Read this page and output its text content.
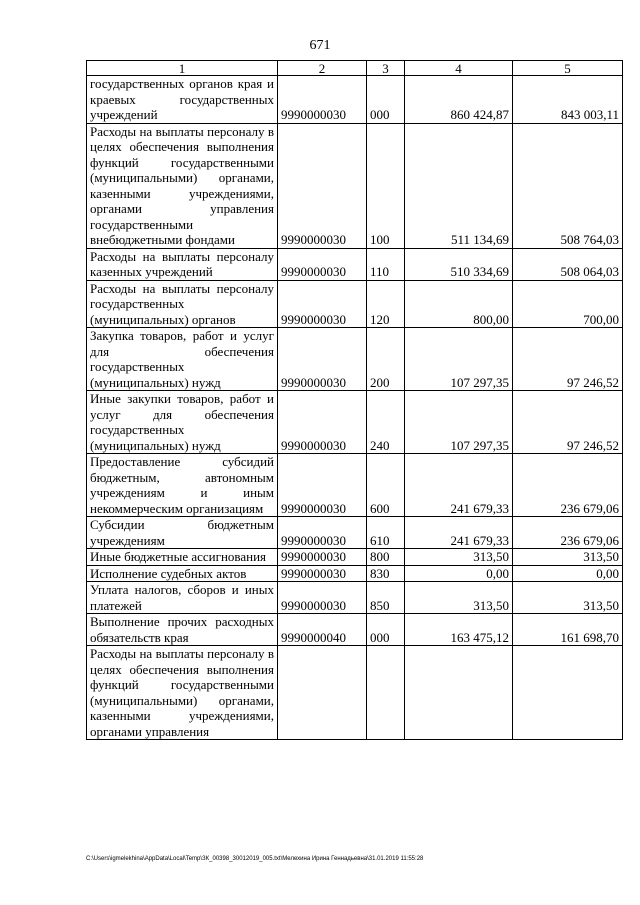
671
1	2	3	4	5
государственных органов края и краевых государственных учреждений	9990000030	000	860 424,87	843 003,11
Расходы на выплаты персоналу в целях обеспечения выполнения функций государственными (муниципальными) органами, казенными учреждениями, органами управления государственными внебюджетными фондами	9990000030	100	511 134,69	508 764,03
Расходы на выплаты персоналу казенных учреждений	9990000030	110	510 334,69	508 064,03
Расходы на выплаты персоналу государственных (муниципальных) органов	9990000030	120	800,00	700,00
Закупка товаров, работ и услуг для обеспечения государственных (муниципальных) нужд	9990000030	200	107 297,35	97 246,52
Иные закупки товаров, работ и услуг для обеспечения государственных (муниципальных) нужд	9990000030	240	107 297,35	97 246,52
Предоставление субсидий бюджетным, автономным учреждениям и иным некоммерческим организациям	9990000030	600	241 679,33	236 679,06
Субсидии бюджетным учреждениям	9990000030	610	241 679,33	236 679,06
Иные бюджетные ассигнования	9990000030	800	313,50	313,50
Исполнение судебных актов	9990000030	830	0,00	0,00
Уплата налогов, сборов и иных платежей	9990000030	850	313,50	313,50
Выполнение прочих расходных обязательств края	9990000040	000	163 475,12	161 698,70
Расходы на выплаты персоналу в целях обеспечения выполнения функций государственными (муниципальными) органами, казенными учреждениями, органами управления				
C:\Users\igmelekhina\AppData\Local\Temp\ЗК_00398_30012019_005.txt\Мелехина Ирина Геннадьевна\31.01.2019 11:55:28
